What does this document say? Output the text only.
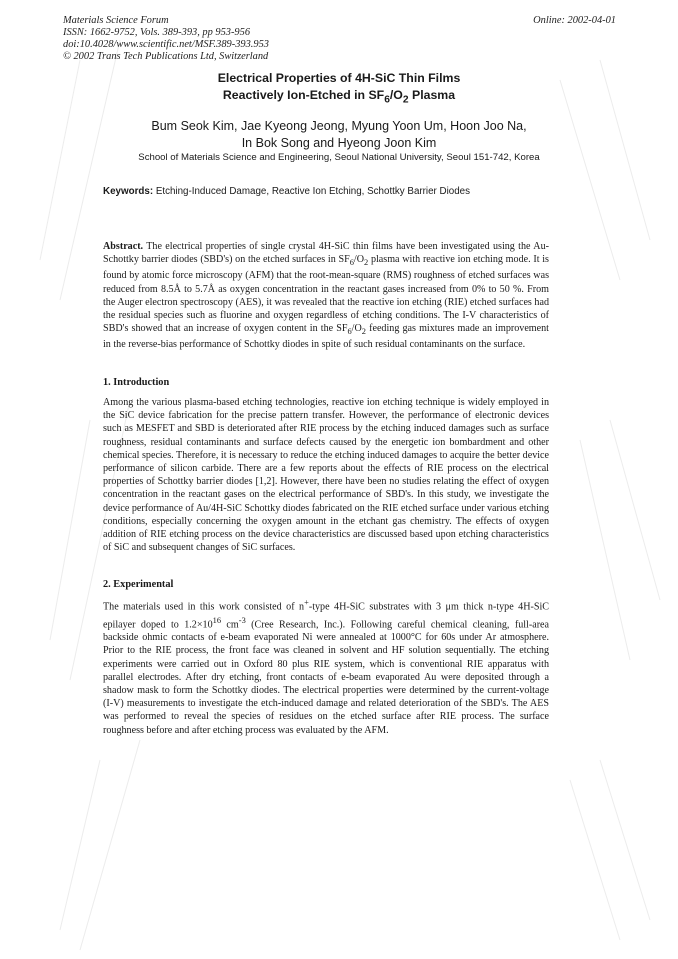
Materials Science Forum
ISSN: 1662-9752, Vols. 389-393, pp 953-956
doi:10.4028/www.scientific.net/MSF.389-393.953
© 2002 Trans Tech Publications Ltd, Switzerland
Online: 2002-04-01
Electrical Properties of 4H-SiC Thin Films
Reactively Ion-Etched in $SF_6/O_2$ Plasma
Bum Seok Kim, Jae Kyeong Jeong, Myung Yoon Um, Hoon Joo Na,
In Bok Song and Hyeong Joon Kim
School of Materials Science and Engineering, Seoul National University, Seoul 151-742, Korea
Keywords: Etching-Induced Damage, Reactive Ion Etching, Schottky Barrier Diodes
Abstract. The electrical properties of single crystal 4H-SiC thin films have been investigated using the Au-Schottky barrier diodes (SBD's) on the etched surfaces in $SF_6/O_2$ plasma with reactive ion etching mode. It is found by atomic force microscopy (AFM) that the root-mean-square (RMS) roughness of etched surfaces was reduced from 8.5Å to 5.7Å as oxygen concentration in the reactant gases increased from 0% to 50 %. From the Auger electron spectroscopy (AES), it was revealed that the reactive ion etching (RIE) etched surfaces had the residual species such as fluorine and oxygen regardless of etching conditions. The I-V characteristics of SBD's showed that an increase of oxygen content in the $SF_6/O_2$ feeding gas mixtures made an improvement in the reverse-bias performance of Schottky diodes in spite of such residual contaminants on the surface.
1. Introduction
Among the various plasma-based etching technologies, reactive ion etching technique is widely employed in the SiC device fabrication for the precise pattern transfer. However, the performance of electronic devices such as MESFET and SBD is deteriorated after RIE process by the etching induced damages such as surface roughness, residual contaminants and surface defects caused by the energetic ion bombardment and other chemical species. Therefore, it is necessary to reduce the etching induced damages to acquire the better device performance of silicon carbide. There are a few reports about the effects of RIE process on the electrical properties of Schottky barrier diodes [1,2]. However, there have been no studies relating the effect of oxygen concentration in the reactant gases on the electrical performance of SBD's. In this study, we investigate the device performance of Au/4H-SiC Schottky diodes fabricated on the RIE etched surface under various etching conditions, especially concerning the oxygen amount in the etchant gas chemistry. The effects of oxygen addition of RIE etching process on the device characteristics are discussed based upon etching characteristics of SiC and subsequent changes of SiC surfaces.
2. Experimental
The materials used in this work consisted of n+-type 4H-SiC substrates with 3 μm thick n-type 4H-SiC epilayer doped to $1.2\times 10^{16}$ $cm^{-3}$ (Cree Research, Inc.). Following careful chemical cleaning, full-area backside ohmic contacts of e-beam evaporated Ni were annealed at 1000°C for 60s under Ar atmosphere. Prior to the RIE process, the front face was cleaned in solvent and HF solution sequentially. The etching experiments were carried out in Oxford 80 plus RIE system, which is conventional RIE apparatus with parallel electrodes. After dry etching, front contacts of e-beam evaporated Au were deposited through a shadow mask to form the Schottky diodes. The electrical properties were determined by the current-voltage (I-V) measurements to investigate the etch-induced damage and related deterioration of the SBD's. The AES was performed to reveal the species of residues on the etched surface after RIE process. The surface roughness before and after etching process was evaluated by the AFM.
